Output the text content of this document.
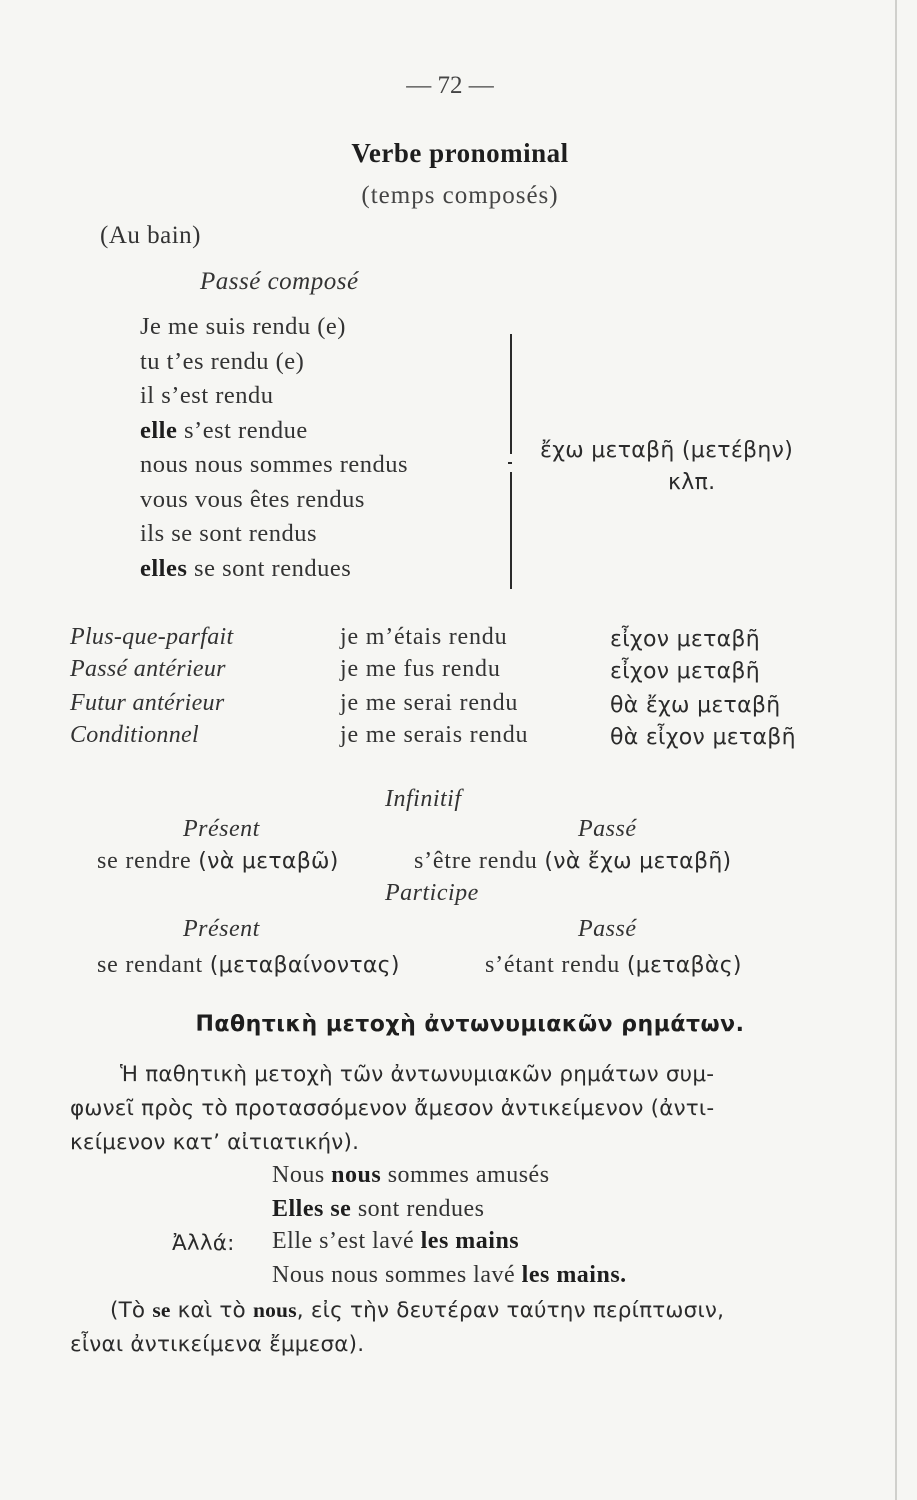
— 72 —
Verbe pronominal
(temps composés)
(Au bain)
Passé composé
Je me suis rendu (e)
tu t’es rendu (e)
il s’est rendu
elle s’est rendue
nous nous sommes rendus
vous vous êtes rendus
ils se sont rendus
elles se sont rendues
ἔχω μεταβῆ (μετέβην)
κλπ.
Plus-que-parfait	je m’étais rendu	εἶχον μεταβῆ
Passé antérieur	je me fus rendu	εἶχον μεταβῆ
Futur antérieur	je me serai rendu	θὰ ἔχω μεταβῆ
Conditionnel	je me serais rendu	θὰ εἶχον μεταβῆ
Infinitif
Présent	Passé
se rendre (νὰ μεταβῶ)	s’être rendu (νὰ ἔχω μεταβῆ)
Participe
Présent	Passé
se rendant (μεταβαίνοντας)	s’étant rendu (μεταβὰς)
Παθητικὴ μετοχὴ ἀντωνυμιακῶν ρημάτων.
Ἡ παθητικὴ μετοχὴ τῶν ἀντωνυμιακῶν ρημάτων συμ-
φωνεῖ πρὸς τὸ προτασσόμενον ἄμεσον ἀντικείμενον (ἀντι-
κείμενον κατ’ αἰτιατικήν).
Nous nous sommes amusés
Elles se sont rendues
Ἀλλά: Elle s’est lavé les mains
Nous nous sommes lavé les mains.
(Τὸ se καὶ τὸ nous, εἰς τὴν δευτέραν ταύτην περίπτωσιν,
εἶναι ἀντικείμενα ἔμμεσα).
